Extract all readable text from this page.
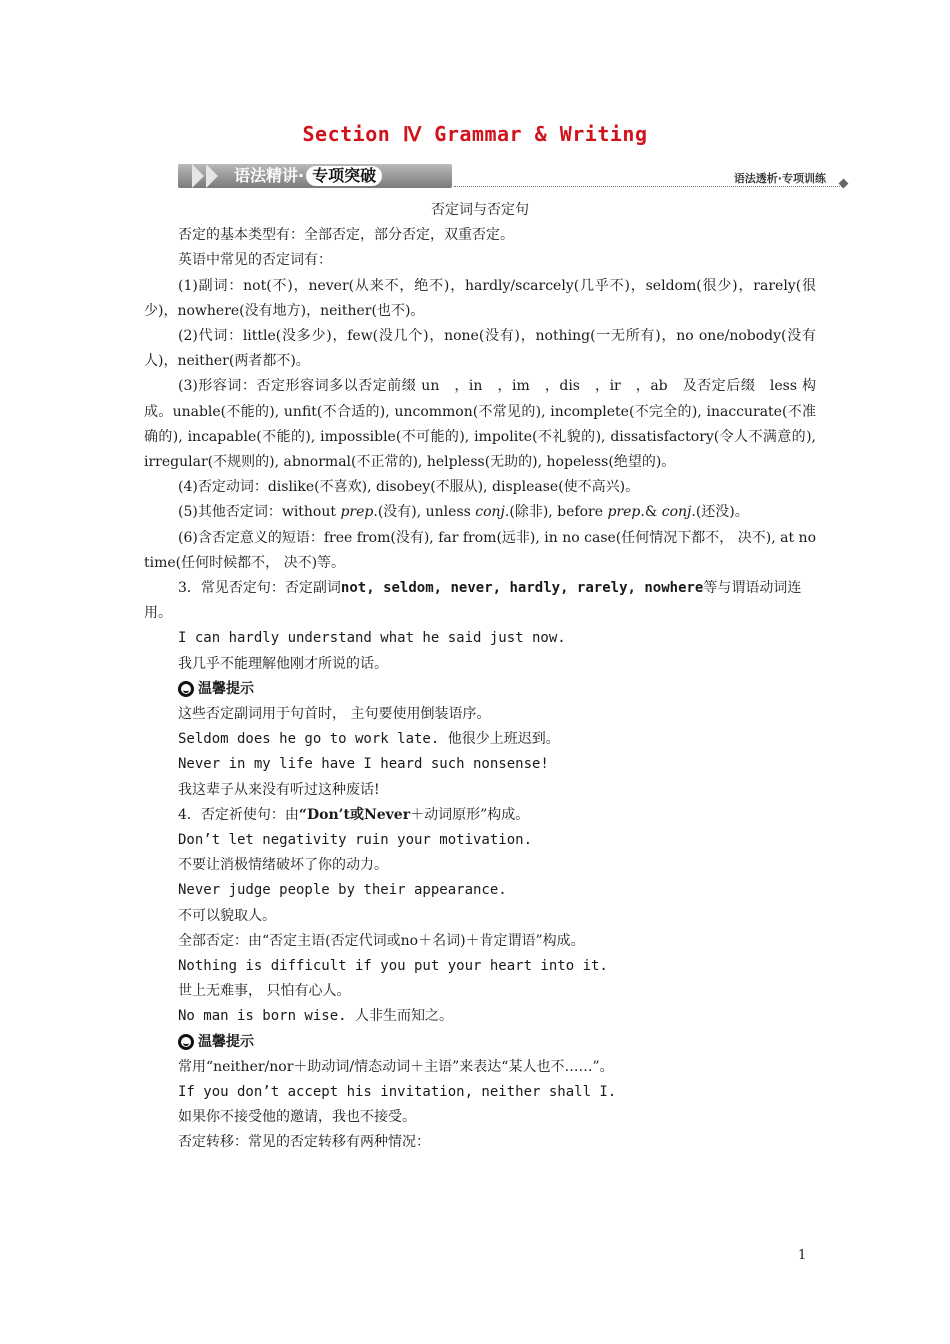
Section Ⅳ Grammar & Writing
语法精讲· 专项突破	语法透析·专项训练

否定词与否定句

否定的基本类型有：全部否定，部分否定，双重否定。

英语中常见的否定词有：

(1)副词：not(不)，never(从来不，绝不)，hardly/scarcely(几乎不)，seldom(很少)，rarely(很少)，nowhere(没有地方)，neither(也不)。

(2)代词：little(没多少)，few(没几个)，none(没有)，nothing(一无所有)，no one/nobody(没有人)，neither(两者都不)。

(3)形容词：否定形容词多以否定前缀 un　，in　，im　，dis　，ir　，ab　及否定后缀　less 构成。unable(不能的), unfit(不合适的), uncommon(不常见的), incomplete(不完全的), inaccurate(不准确的), incapable(不能的), impossible(不可能的), impolite(不礼貌的), dissatisfactory(令人不满意的), irregular(不规则的), abnormal(不正常的), helpless(无助的), hopeless(绝望的)。

(4)否定动词：dislike(不喜欢), disobey(不服从), displease(使不高兴)。

(5)其他否定词：without prep.(没有), unless conj.(除非), before prep.& conj.(还没)。

(6)含否定意义的短语：free from(没有), far from(远非), in no case(任何情况下都不， 决不), at no time(任何时候都不， 决不)等。

3．常见否定句：否定副词not, seldom, never, hardly, rarely, nowhere等与谓语动词连用。

I can hardly understand what he said just now.

我几乎不能理解他刚才所说的话。

温馨提示

这些否定副词用于句首时， 主句要使用倒装语序。

Seldom does he go to work late. 他很少上班迟到。

Never in my life have I heard such nonsense!

我这辈子从来没有听过这种废话!

4．否定祈使句：由“Don’t或Never＋动词原形”构成。

Don’t let negativity ruin your motivation.

不要让消极情绪破坏了你的动力。

Never judge people by their appearance.

不可以貌取人。

全部否定：由“否定主语(否定代词或no＋名词)＋肯定谓语”构成。

Nothing is difficult if you put your heart into it.

世上无难事， 只怕有心人。

No man is born wise. 人非生而知之。

温馨提示

常用“neither/nor＋助动词/情态动词＋主语”来表达“某人也不……”。

If you don’t accept his invitation, neither shall I.

如果你不接受他的邀请，我也不接受。

否定转移：常见的否定转移有两种情况：

1
